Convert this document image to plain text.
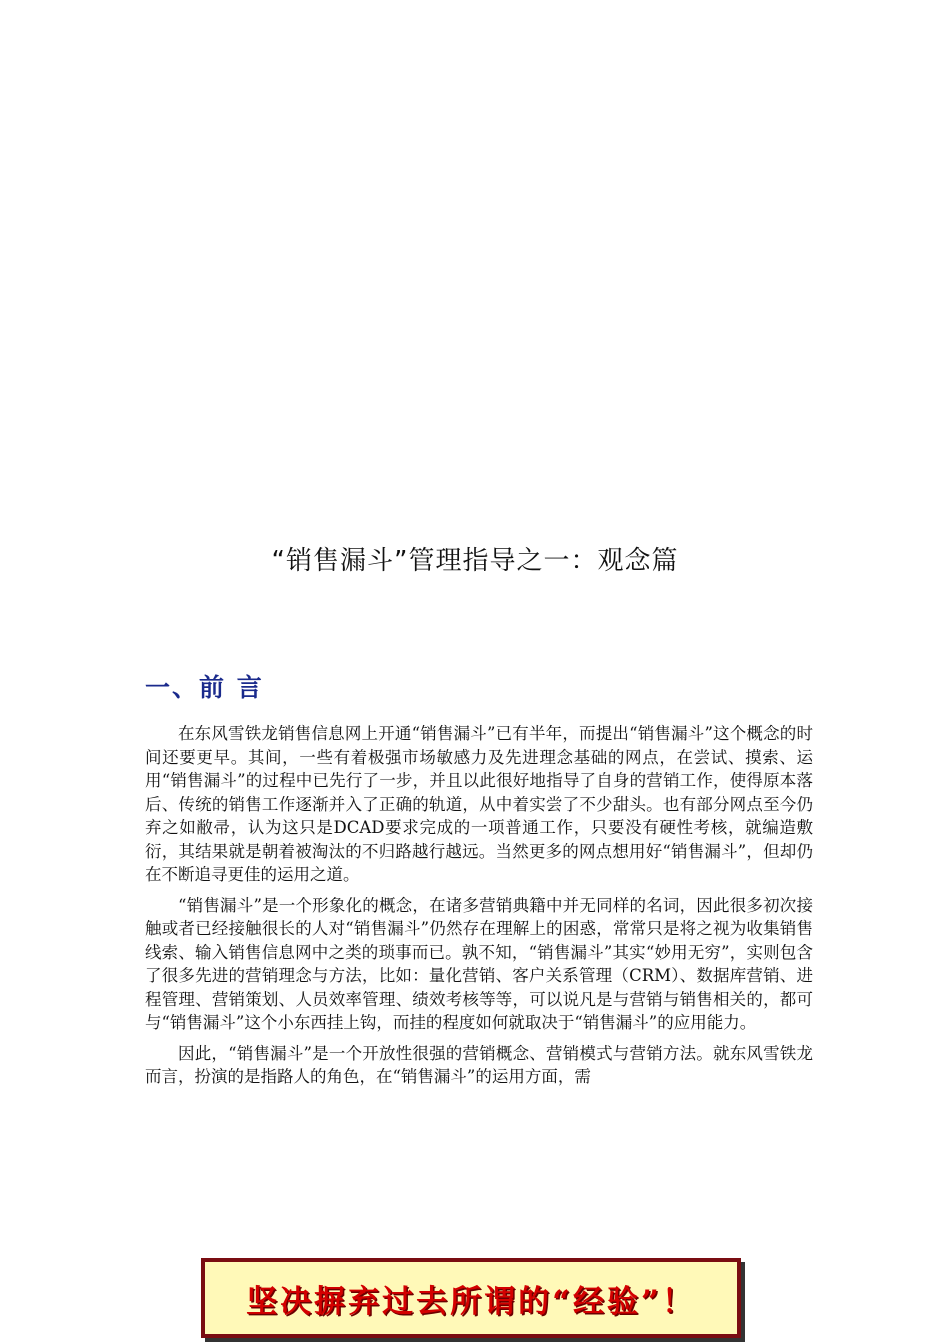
“销售漏斗”管理指导之一：观念篇
一、前 言

在东风雪铁龙销售信息网上开通“销售漏斗”已有半年，而提出“销售漏斗”这个概念的时间还要更早。其间，一些有着极强市场敏感力及先进理念基础的网点，在尝试、摸索、运用“销售漏斗”的过程中已先行了一步，并且以此很好地指导了自身的营销工作，使得原本落后、传统的销售工作逐渐并入了正确的轨道，从中着实尝了不少甜头。也有部分网点至今仍弃之如敝帚，认为这只是DCAD要求完成的一项普通工作，只要没有硬性考核，就编造敷衍，其结果就是朝着被淘汰的不归路越行越远。当然更多的网点想用好“销售漏斗”，但却仍在不断追寻更佳的运用之道。

“销售漏斗”是一个形象化的概念，在诸多营销典籍中并无同样的名词，因此很多初次接触或者已经接触很长的人对“销售漏斗”仍然存在理解上的困惑，常常只是将之视为收集销售线索、输入销售信息网中之类的琐事而已。孰不知，“销售漏斗”其实“妙用无穷”，实则包含了很多先进的营销理念与方法，比如：量化营销、客户关系管理（CRM）、数据库营销、进程管理、营销策划、人员效率管理、绩效考核等等，可以说凡是与营销与销售相关的，都可与“销售漏斗”这个小东西挂上钩，而挂的程度如何就取决于“销售漏斗”的应用能力。

因此，“销售漏斗”是一个开放性很强的营销概念、营销模式与营销方法。就东风雪铁龙而言，扮演的是指路人的角色，在“销售漏斗”的运用方面，需

坚决摒弃过去所谓的“经验”！
